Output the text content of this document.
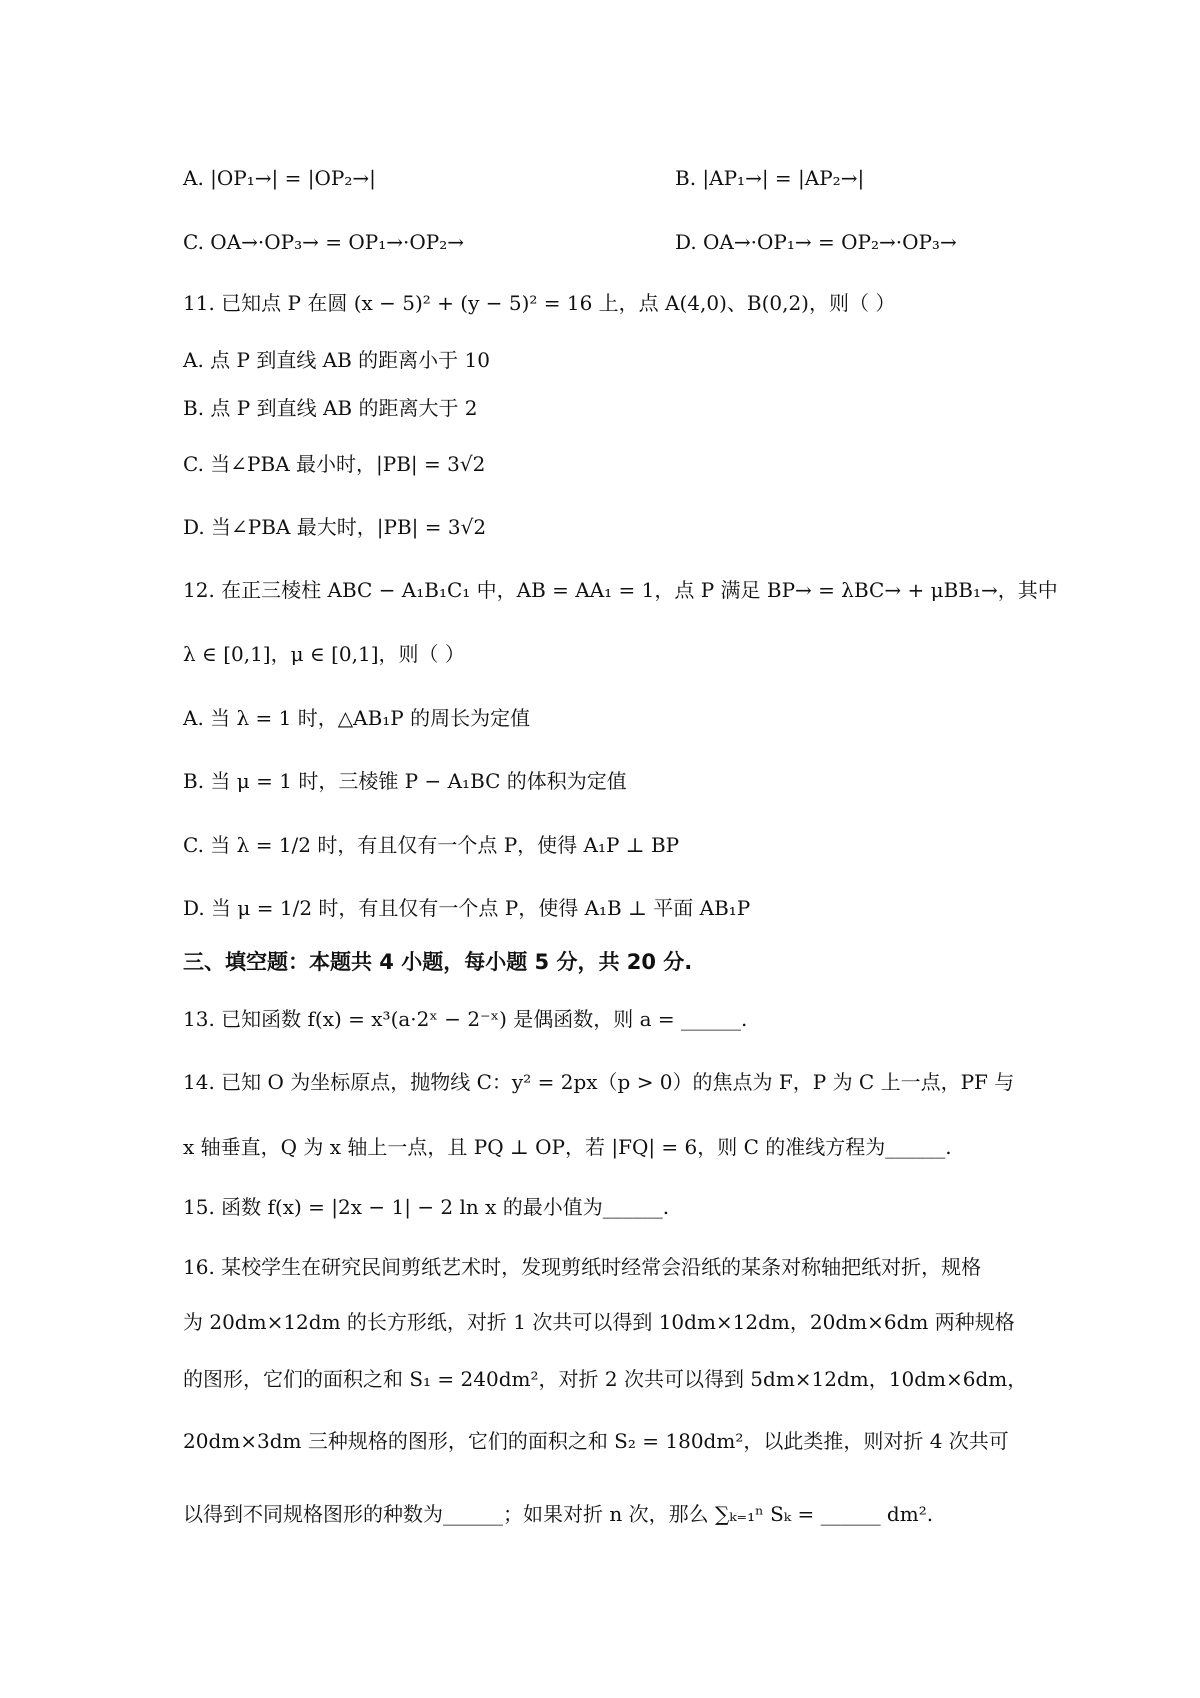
A. |OP₁→| = |OP₂→|	B. |AP₁→| = |AP₂→|
C. OA→·OP₃→ = OP₁→·OP₂→	D. OA→·OP₁→ = OP₂→·OP₃→
11. 已知点 P 在圆 (x − 5)² + (y − 5)² = 16 上，点 A(4,0)、B(0,2)，则（ ）
A. 点 P 到直线 AB 的距离小于 10
B. 点 P 到直线 AB 的距离大于 2
C. 当∠PBA 最小时，|PB| = 3√2
D. 当∠PBA 最大时，|PB| = 3√2
12. 在正三棱柱 ABC − A₁B₁C₁ 中，AB = AA₁ = 1，点 P 满足 BP→ = λBC→ + μBB₁→，其中
λ ∈ [0,1]，μ ∈ [0,1]，则（ ）
A. 当 λ = 1 时，△AB₁P 的周长为定值
B. 当 μ = 1 时，三棱锥 P − A₁BC 的体积为定值
C. 当 λ = 1/2 时，有且仅有一个点 P，使得 A₁P ⊥ BP
D. 当 μ = 1/2 时，有且仅有一个点 P，使得 A₁B ⊥ 平面 AB₁P
三、填空题：本题共 4 小题，每小题 5 分，共 20 分.
13. 已知函数 f(x) = x³(a·2ˣ − 2⁻ˣ) 是偶函数，则 a = ______.
14. 已知 O 为坐标原点，抛物线 C：y² = 2px（p > 0）的焦点为 F，P 为 C 上一点，PF 与
x 轴垂直，Q 为 x 轴上一点，且 PQ ⊥ OP，若 |FQ| = 6，则 C 的准线方程为______.
15. 函数 f(x) = |2x − 1| − 2 ln x 的最小值为______.
16. 某校学生在研究民间剪纸艺术时，发现剪纸时经常会沿纸的某条对称轴把纸对折，规格
为 20dm×12dm 的长方形纸，对折 1 次共可以得到 10dm×12dm，20dm×6dm 两种规格
的图形，它们的面积之和 S₁ = 240dm²，对折 2 次共可以得到 5dm×12dm，10dm×6dm，
20dm×3dm 三种规格的图形，它们的面积之和 S₂ = 180dm²，以此类推，则对折 4 次共可
以得到不同规格图形的种数为______；如果对折 n 次，那么 ∑ₖ₌₁ⁿ Sₖ = ______ dm².
